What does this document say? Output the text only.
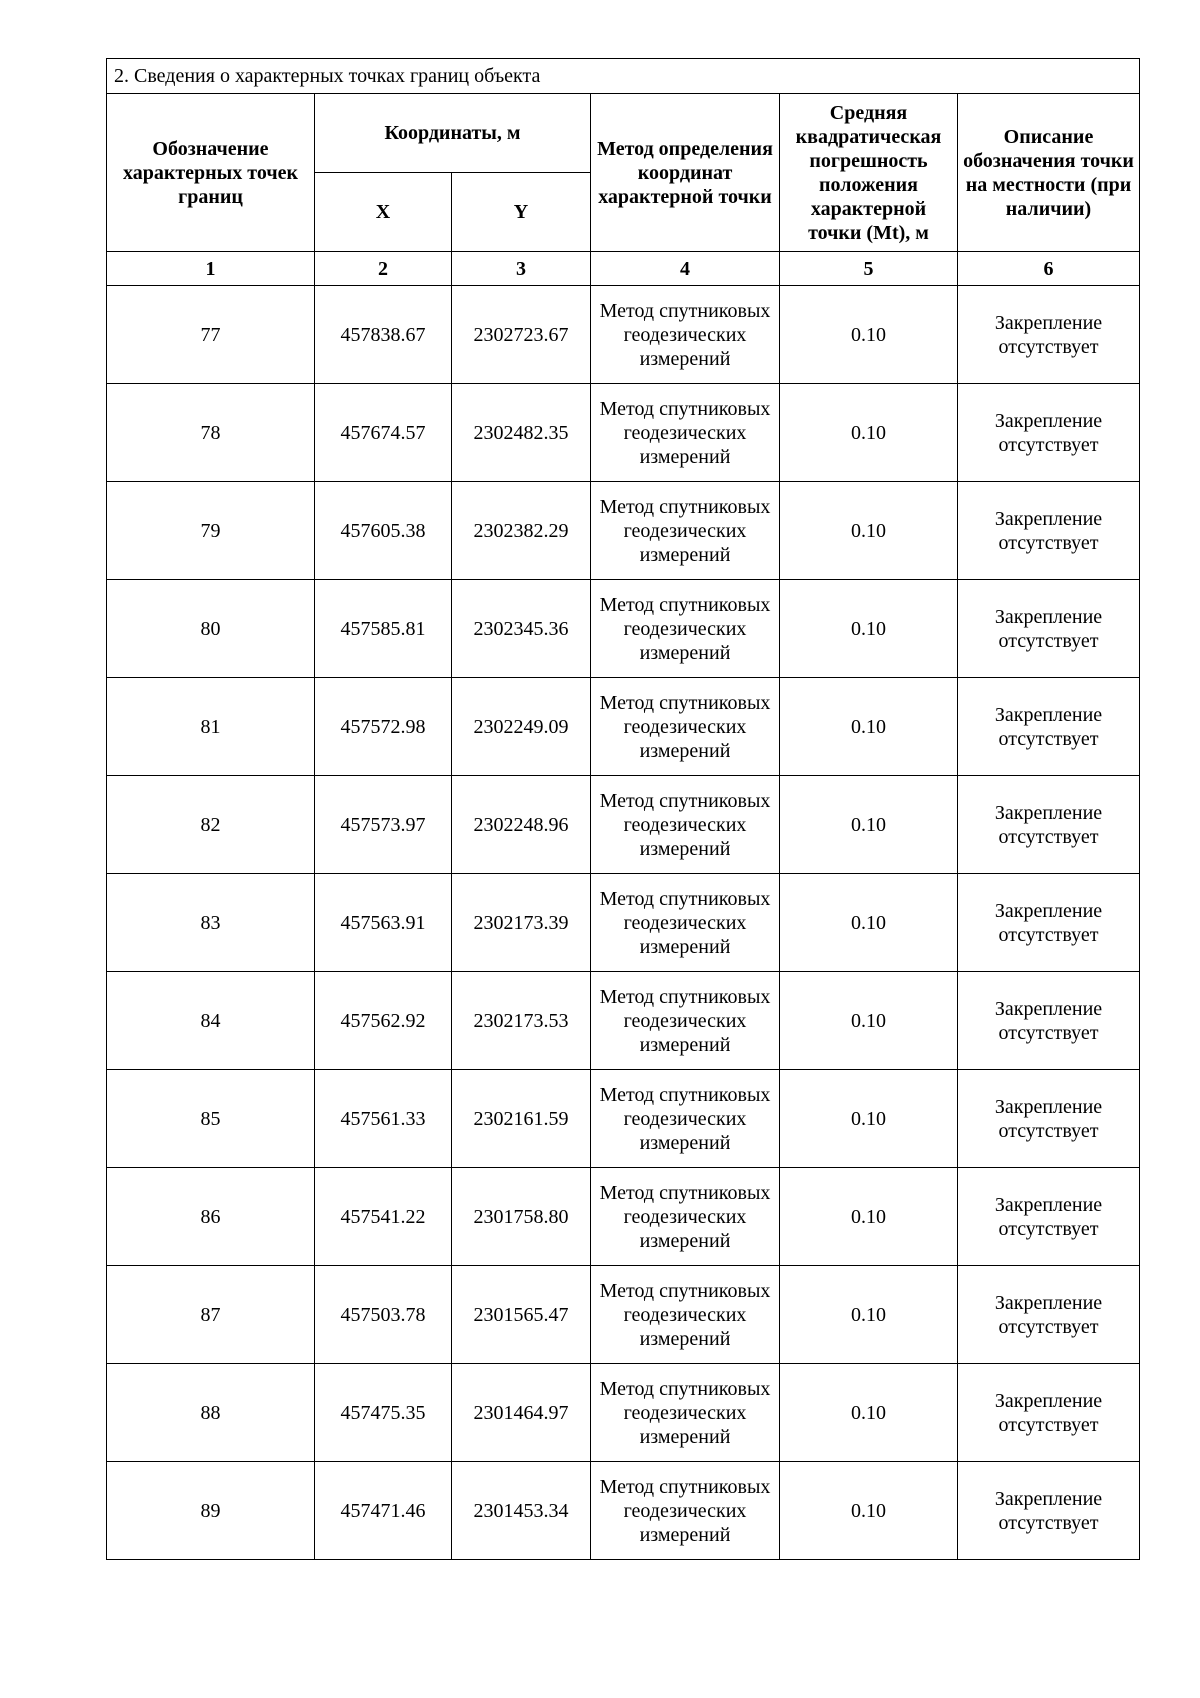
2. Сведения о характерных точках границ объекта					
Обозначение характерных точек границ	Координаты, м		Метод определения координат характерной точки	Средняя квадратическая погрешность положения характерной точки (Mt), м	Описание обозначения точки на местности (при наличии)
	X	Y			
1	2	3	4	5	6
77	457838.67	2302723.67	Метод спутниковых геодезических измерений	0.10	Закрепление отсутствует
78	457674.57	2302482.35	Метод спутниковых геодезических измерений	0.10	Закрепление отсутствует
79	457605.38	2302382.29	Метод спутниковых геодезических измерений	0.10	Закрепление отсутствует
80	457585.81	2302345.36	Метод спутниковых геодезических измерений	0.10	Закрепление отсутствует
81	457572.98	2302249.09	Метод спутниковых геодезических измерений	0.10	Закрепление отсутствует
82	457573.97	2302248.96	Метод спутниковых геодезических измерений	0.10	Закрепление отсутствует
83	457563.91	2302173.39	Метод спутниковых геодезических измерений	0.10	Закрепление отсутствует
84	457562.92	2302173.53	Метод спутниковых геодезических измерений	0.10	Закрепление отсутствует
85	457561.33	2302161.59	Метод спутниковых геодезических измерений	0.10	Закрепление отсутствует
86	457541.22	2301758.80	Метод спутниковых геодезических измерений	0.10	Закрепление отсутствует
87	457503.78	2301565.47	Метод спутниковых геодезических измерений	0.10	Закрепление отсутствует
88	457475.35	2301464.97	Метод спутниковых геодезических измерений	0.10	Закрепление отсутствует
89	457471.46	2301453.34	Метод спутниковых геодезических измерений	0.10	Закрепление отсутствует
